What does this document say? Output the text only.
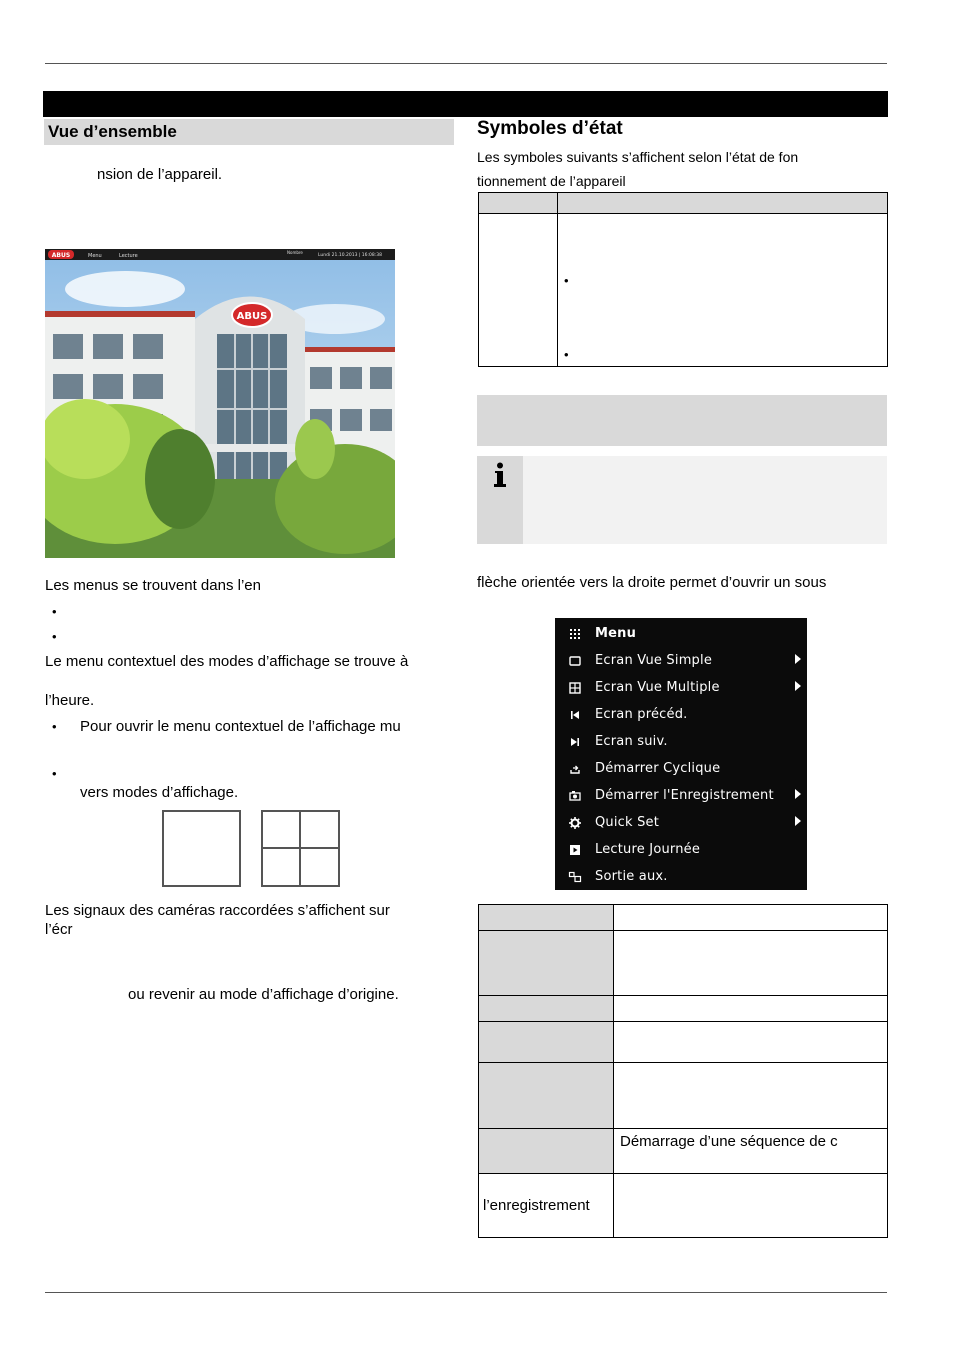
Vue d’ensemble
nsion de l’appareil.
ABUS
ABUS	Menu	Lecture
Nombre
Lundi 21.10.2013 | 16:08:38
Les menus se trouvent dans l’en
•
•
Le menu contextuel des modes d’affichage se trouve à
l’heure.
• Pour ouvrir le menu contextuel de l’affichage mu
•
vers modes d’affichage.
Les signaux des caméras raccordées s’affichent sur
l’écr
ou revenir au mode d’affichage d’origine.
Symboles d’état
Les symboles suivants s’affichent selon l’état de fon
tionnement de l’appareil

	•
•
flèche orientée vers la droite permet d’ouvrir un sous
Menu
Ecran Vue Simple
Ecran Vue Multiple
Ecran précéd.
Ecran suiv.
Démarrer Cyclique
Démarrer l'Enregistrement
Quick Set
Lecture Journée
Sortie aux.

	Démarrage d’une séquence de c
l’enregistrement	
